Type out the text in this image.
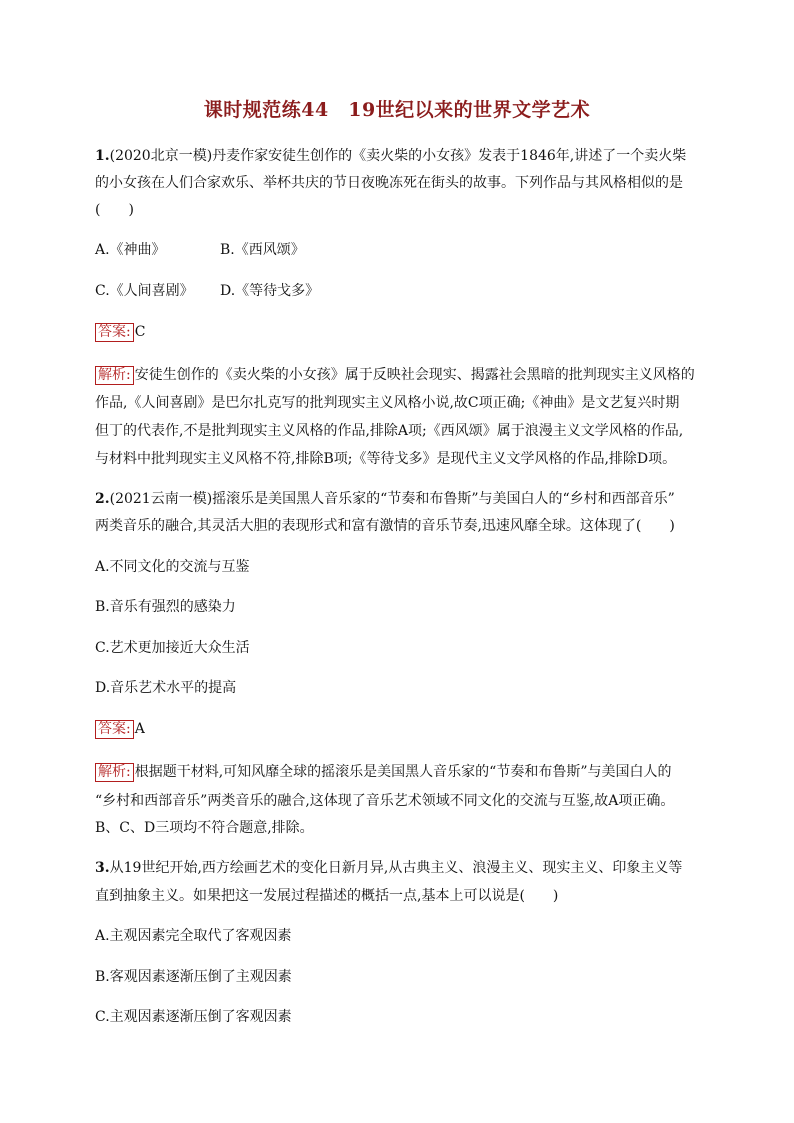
课时规范练44　19世纪以来的世界文学艺术
1.(2020北京一模)丹麦作家安徒生创作的《卖火柴的小女孩》发表于1846年,讲述了一个卖火柴
的小女孩在人们合家欢乐、举杯共庆的节日夜晚冻死在街头的故事。下列作品与其风格相似的是
(　　)
A.《神曲》	B.《西风颂》
C.《人间喜剧》 D.《等待戈多》
答案: C
解析: 安徒生创作的《卖火柴的小女孩》属于反映社会现实、揭露社会黑暗的批判现实主义风格的
作品,《人间喜剧》是巴尔扎克写的批判现实主义风格小说,故C项正确;《神曲》是文艺复兴时期
但丁的代表作,不是批判现实主义风格的作品,排除A项;《西风颂》属于浪漫主义文学风格的作品,
与材料中批判现实主义风格不符,排除B项;《等待戈多》是现代主义文学风格的作品,排除D项。
2.(2021云南一模)摇滚乐是美国黑人音乐家的“节奏和布鲁斯”与美国白人的“乡村和西部音乐”
两类音乐的融合,其灵活大胆的表现形式和富有激情的音乐节奏,迅速风靡全球。这体现了(　　)
A.不同文化的交流与互鉴
B.音乐有强烈的感染力
C.艺术更加接近大众生活
D.音乐艺术水平的提高
答案: A
解析: 根据题干材料,可知风靡全球的摇滚乐是美国黑人音乐家的“节奏和布鲁斯”与美国白人的
“乡村和西部音乐”两类音乐的融合,这体现了音乐艺术领域不同文化的交流与互鉴,故A项正确。
B、C、D三项均不符合题意,排除。
3.从19世纪开始,西方绘画艺术的变化日新月异,从古典主义、浪漫主义、现实主义、印象主义等
直到抽象主义。如果把这一发展过程描述的概括一点,基本上可以说是(　　)
A.主观因素完全取代了客观因素
B.客观因素逐渐压倒了主观因素
C.主观因素逐渐压倒了客观因素
